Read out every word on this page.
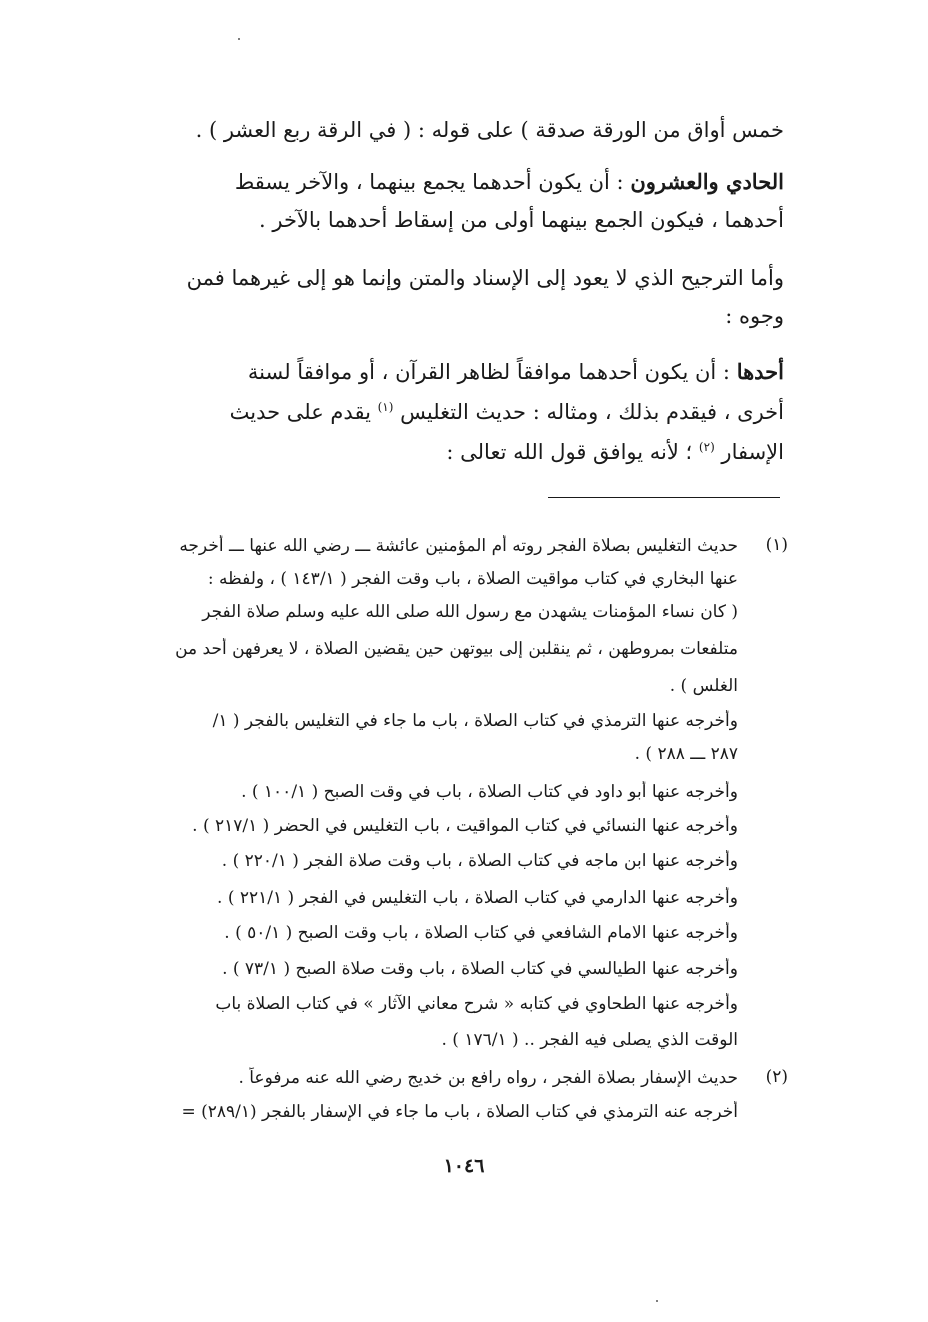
خمس أواق من الورقة صدقة ) على قوله : ( في الرقة ربع العشر ) .
الحادي والعشرون : أن يكون أحدهما يجمع بينهما ، والآخر يسقط
أحدهما ، فيكون الجمع بينهما أولى من إسقاط أحدهما بالآخر .
وأما الترجيح الذي لا يعود إلى الإسناد والمتن وإنما هو إلى غيرهما فمن
وجوه :
أحدها : أن يكون أحدهما موافقاً لظاهر القرآن ، أو موافقاً لسنة
أخرى ، فيقدم بذلك ، ومثاله : حديث التغليس $^{(١)}$ يقدم على حديث
الإسفار $^{(٢)}$ ؛ لأنه يوافق قول الله تعالى :
(١)
حديث التغليس بصلاة الفجر روته أم المؤمنين عائشة ـــ رضي الله عنها ـــ أخرجه
عنها البخاري في كتاب مواقيت الصلاة ، باب وقت الفجر ( ١٤٣/١ ) ، ولفظه :
( كان نساء المؤمنات يشهدن مع رسول الله صلى الله عليه وسلم صلاة الفجر
متلفعات بمروطهن ، ثم ينقلبن إلى بيوتهن حين يقضين الصلاة ، لا يعرفهن أحد من
الغلس ) .
وأخرجه عنها الترمذي في كتاب الصلاة ، باب ما جاء في التغليس بالفجر ( ١/
٢٨٧ ـــ ٢٨٨ ) .
وأخرجه عنها أبو داود في كتاب الصلاة ، باب في وقت الصبح ( ١٠٠/١ ) .
وأخرجه عنها النسائي في كتاب المواقيت ، باب التغليس في الحضر ( ٢١٧/١ ) .
وأخرجه عنها ابن ماجه في كتاب الصلاة ، باب وقت صلاة الفجر ( ٢٢٠/١ ) .
وأخرجه عنها الدارمي في كتاب الصلاة ، باب التغليس في الفجر ( ٢٢١/١ ) .
وأخرجه عنها الامام الشافعي في كتاب الصلاة ، باب وقت الصبح ( ٥٠/١ ) .
وأخرجه عنها الطيالسي في كتاب الصلاة ، باب وقت صلاة الصبح ( ٧٣/١ ) .
وأخرجه عنها الطحاوي في كتابه « شرح معاني الآثار » في كتاب الصلاة باب
الوقت الذي يصلى فيه الفجر .. ( ١٧٦/١ ) .
(٢)
حديث الإسفار بصلاة الفجر ، رواه رافع بن خديج رضي الله عنه مرفوعاً .
أخرجه عنه الترمذي في كتاب الصلاة ، باب ما جاء في الإسفار بالفجر (٢٨٩/١) =
١٠٤٦
